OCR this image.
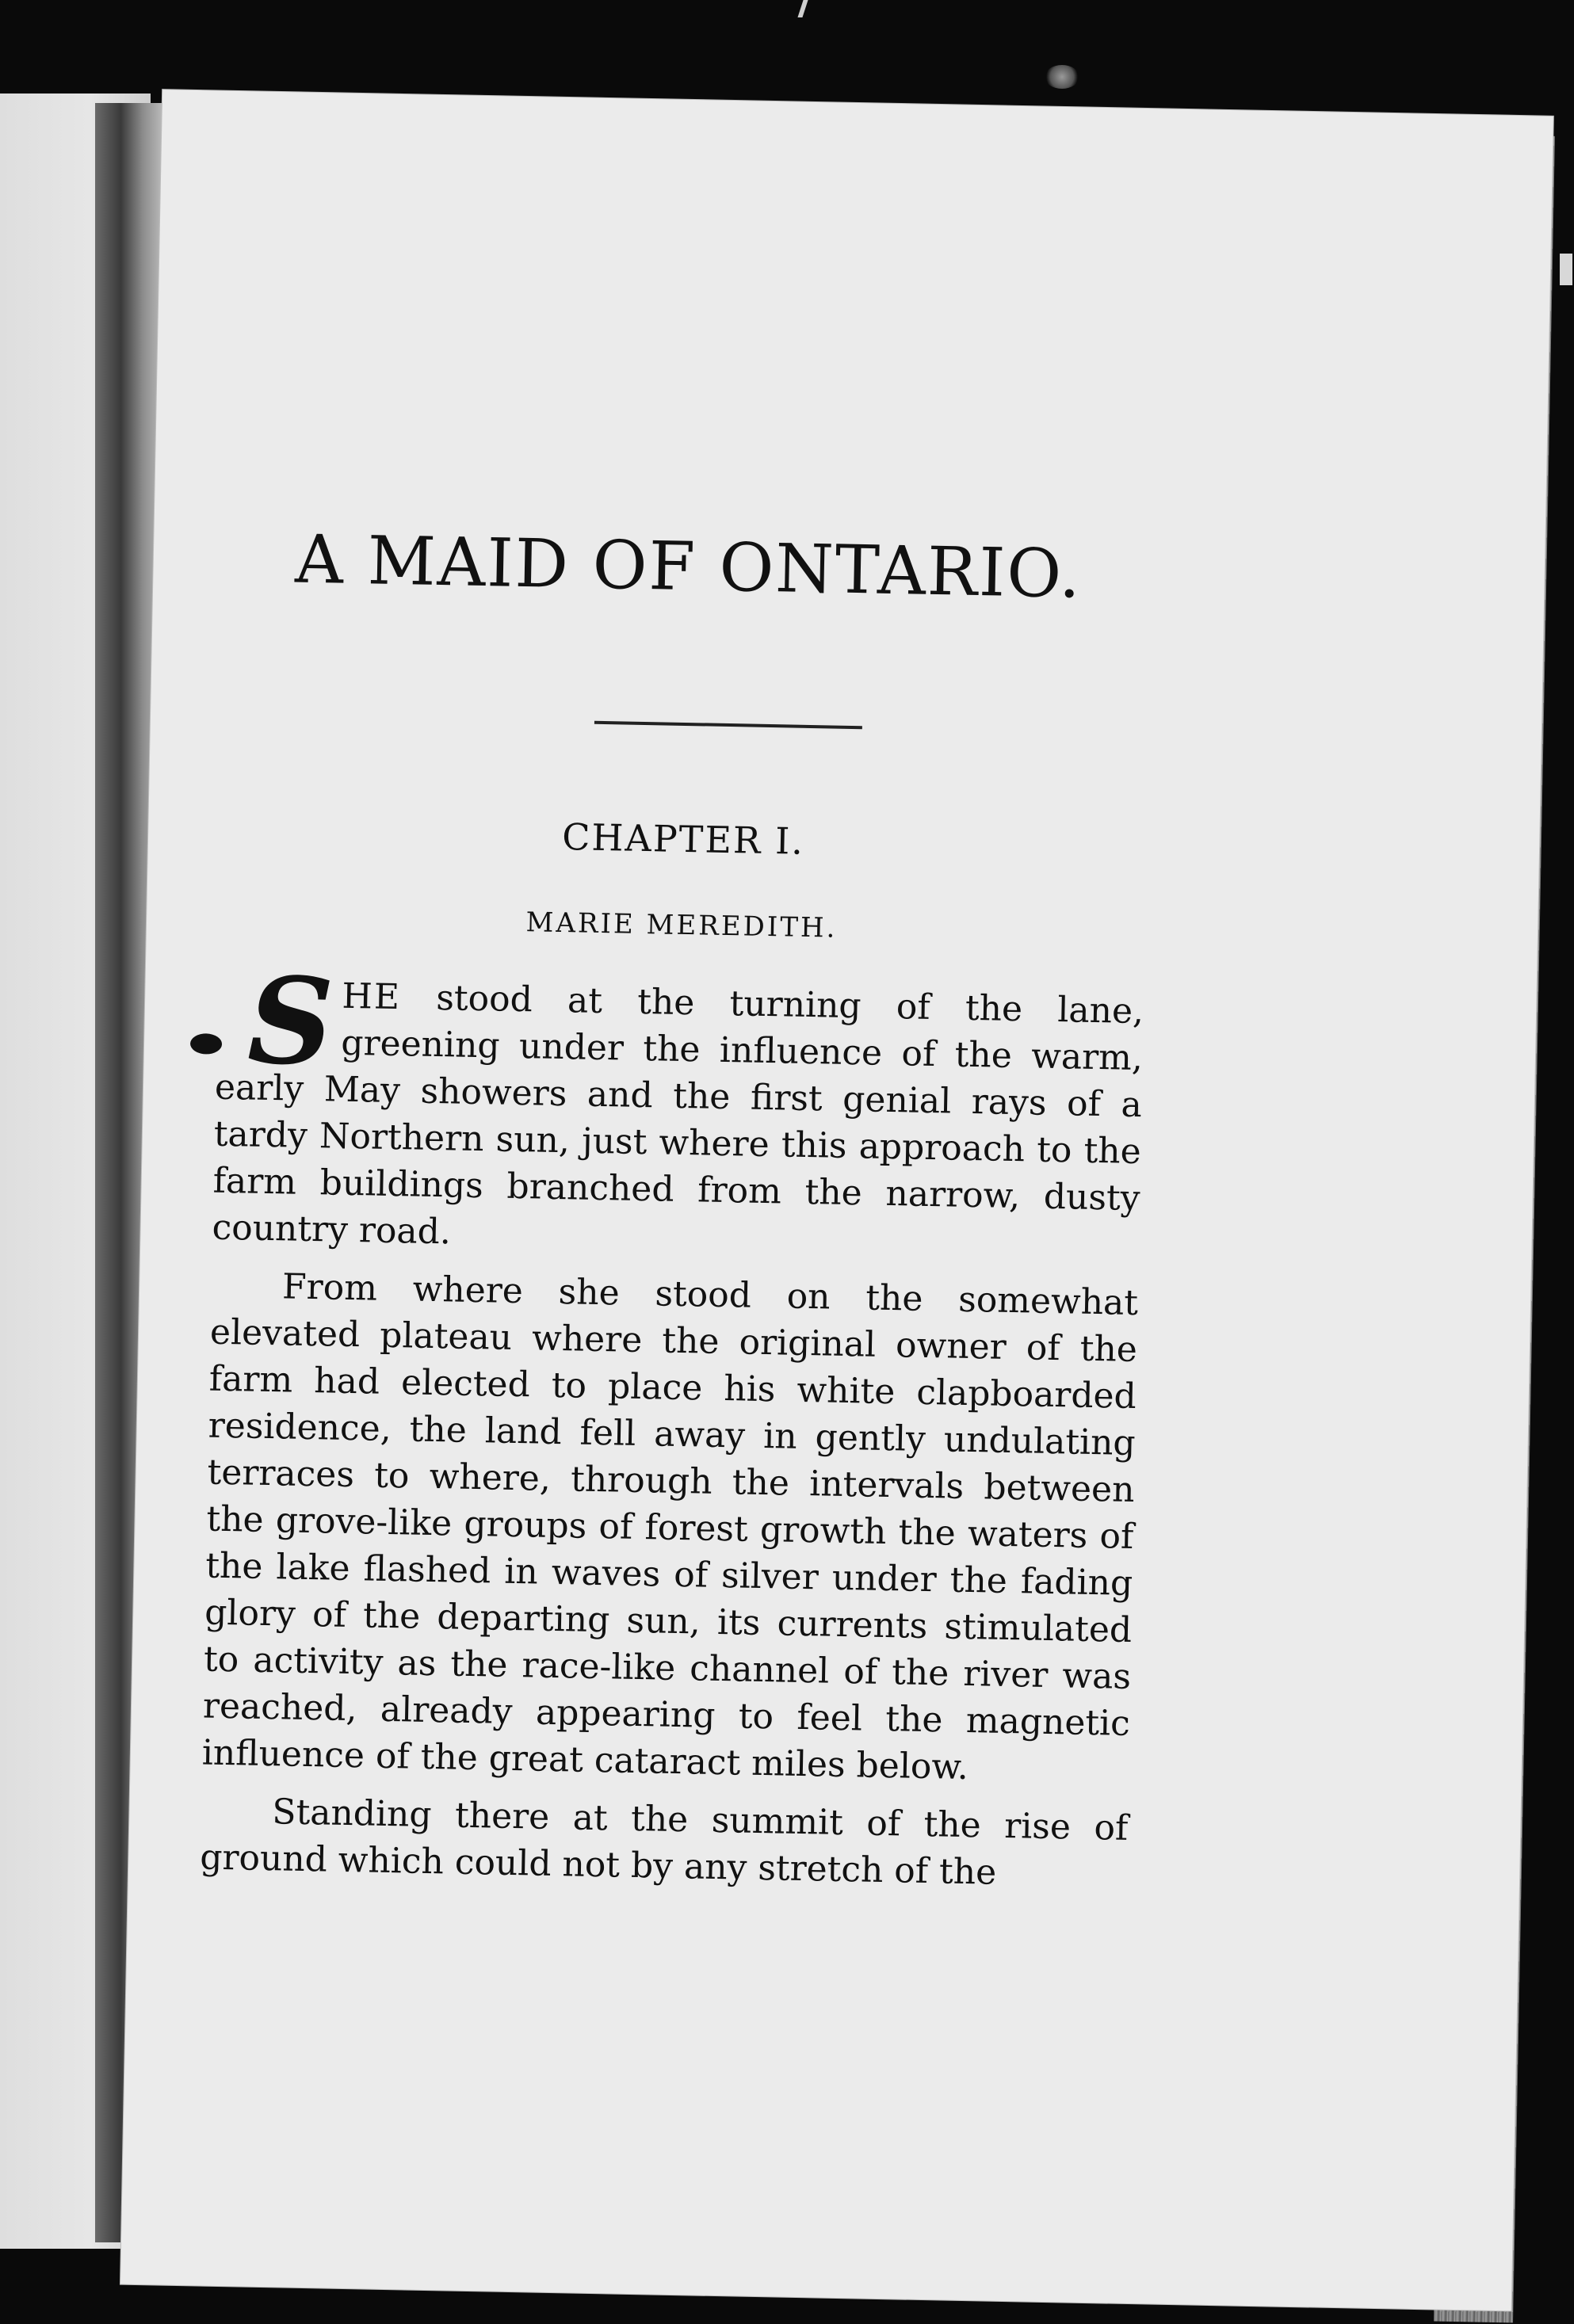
A MAID OF ONTARIO.
CHAPTER I.
MARIE MEREDITH.

S HE stood at the turning of the lane, greening under the influence of the warm, early May showers and the first genial rays of a tardy Northern sun, just where this approach to the farm buildings branched from the narrow, dusty country road.

From where she stood on the somewhat elevated plateau where the original owner of the farm had elected to place his white clapboarded residence, the land fell away in gently undulating terraces to where, through the intervals between the grove-like groups of forest growth the waters of the lake flashed in waves of silver under the fading glory of the departing sun, its currents stimulated to activity as the race-like channel of the river was reached, already appearing to feel the magnetic influence of the great cataract miles below.

Standing there at the summit of the rise of ground which could not by any stretch of the
